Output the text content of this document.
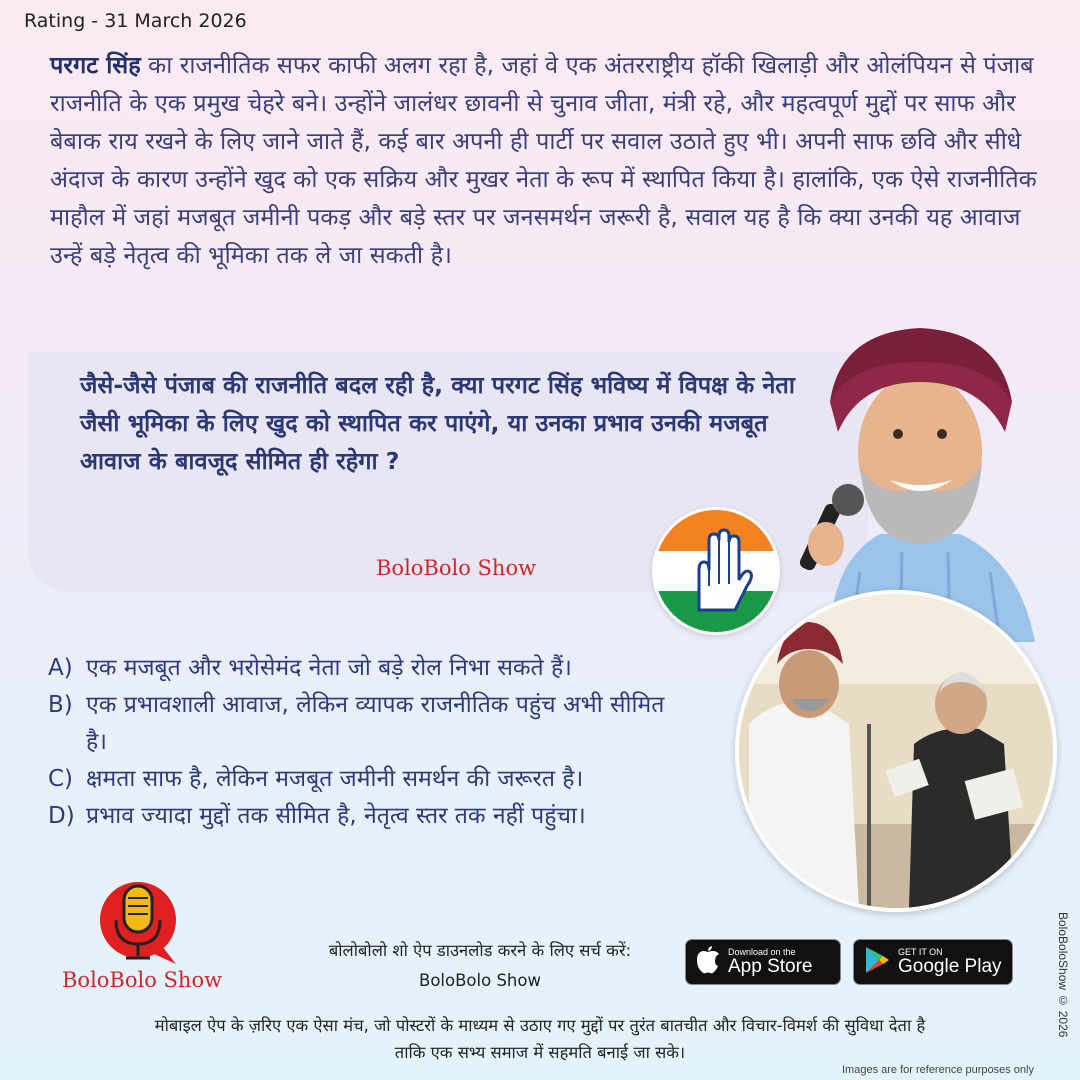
Rating - 31 March 2026
परगट सिंह का राजनीतिक सफर काफी अलग रहा है, जहां वे एक अंतरराष्ट्रीय हॉकी खिलाड़ी और ओलंपियन से पंजाब राजनीति के एक प्रमुख चेहरे बने। उन्होंने जालंधर छावनी से चुनाव जीता, मंत्री रहे, और महत्वपूर्ण मुद्दों पर साफ और बेबाक राय रखने के लिए जाने जाते हैं, कई बार अपनी ही पार्टी पर सवाल उठाते हुए भी। अपनी साफ छवि और सीधे अंदाज के कारण उन्होंने खुद को एक सक्रिय और मुखर नेता के रूप में स्थापित किया है। हालांकि, एक ऐसे राजनीतिक माहौल में जहां मजबूत जमीनी पकड़ और बड़े स्तर पर जनसमर्थन जरूरी है, सवाल यह है कि क्या उनकी यह आवाज उन्हें बड़े नेतृत्व की भूमिका तक ले जा सकती है।
जैसे-जैसे पंजाब की राजनीति बदल रही है, क्या परगट सिंह भविष्य में विपक्ष के नेता जैसी भूमिका के लिए खुद को स्थापित कर पाएंगे, या उनका प्रभाव उनकी मजबूत आवाज के बावजूद सीमित ही रहेगा ?
BoloBolo Show
A) एक मजबूत और भरोसेमंद नेता जो बड़े रोल निभा सकते हैं।
B) एक प्रभावशाली आवाज, लेकिन व्यापक राजनीतिक पहुंच अभी सीमित है।
C) क्षमता साफ है, लेकिन मजबूत जमीनी समर्थन की जरूरत है।
D) प्रभाव ज्यादा मुद्दों तक सीमित है, नेतृत्व स्तर तक नहीं पहुंचा।
BoloBolo Show
बोलोबोलो शो ऐप डाउनलोड करने के लिए सर्च करें:
BoloBolo Show
Download on the
App Store
GET IT ON
Google Play
मोबाइल ऐप के ज़रिए एक ऐसा मंच, जो पोस्टरों के माध्यम से उठाए गए मुद्दों पर तुरंत बातचीत और विचार-विमर्श की सुविधा देता है
ताकि एक सभ्य समाज में सहमति बनाई जा सके।
Images are for reference purposes only
BoloBoloShow © 2026
